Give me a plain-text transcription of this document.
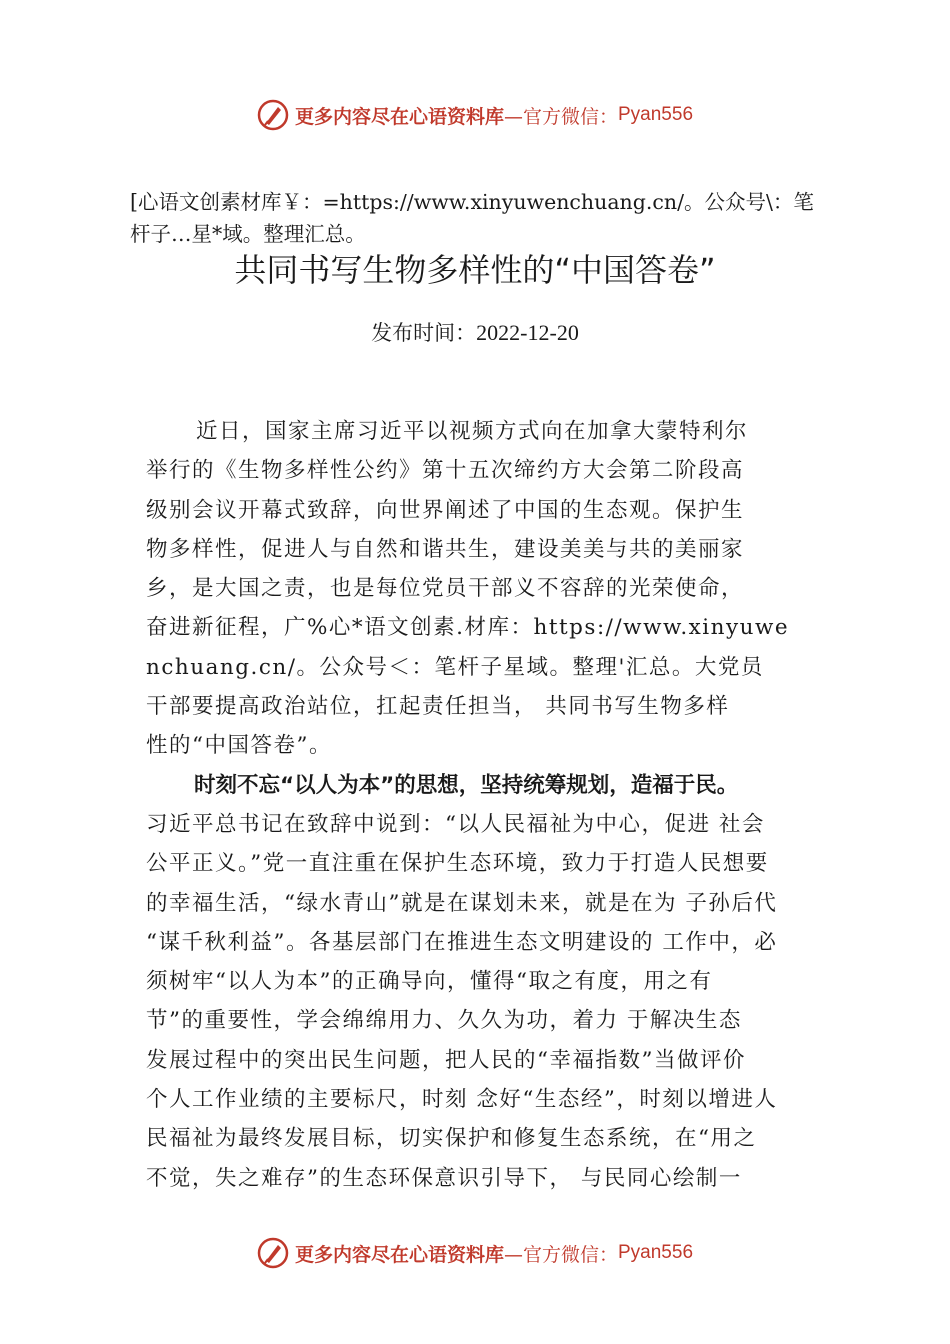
更多内容尽在心语资料库 —官方微信： Pyan556
[心语文创素材库￥：=https://www.xinyuwenchuang.cn/。公众号\：笔杆子…星*域。整理汇总。
共同书写生物多样性的“中国答卷”
发布时间：2022-12-20
近日，国家主席习近平以视频方式向在加拿大蒙特利尔
举行的《生物多样性公约》第十五次缔约方大会第二阶段高
级别会议开幕式致辞，向世界阐述了中国的生态观。保护生
物多样性，促进人与自然和谐共生，建设美美与共的美丽家
乡，是大国之责，也是每位党员干部义不容辞的光荣使命，
奋进新征程，广%心*语文创素.材库：https://www.xinyuwe
nchuang.cn/。公众号＜：笔杆子星域。整理'汇总。大党员
干部要提高政治站位，扛起责任担当， 共同书写生物多样
性的“中国答卷”。
时刻不忘“以人为本”的思想，坚持统筹规划，造福于民。
习近平总书记在致辞中说到：“以人民福祉为中心，促进 社会
公平正义。”党一直注重在保护生态环境，致力于打造人民想要
的幸福生活，“绿水青山”就是在谋划未来，就是在为 子孙后代
“谋千秋利益”。各基层部门在推进生态文明建设的 工作中，必
须树牢“以人为本”的正确导向，懂得“取之有度，用之有
节”的重要性，学会绵绵用力、久久为功，着力 于解决生态
发展过程中的突出民生问题，把人民的“幸福指数”当做评价
个人工作业绩的主要标尺，时刻 念好“生态经”，时刻以增进人
民福祉为最终发展目标，切实保护和修复生态系统，在“用之
不觉，失之难存”的生态环保意识引导下， 与民同心绘制一
更多内容尽在心语资料库 —官方微信： Pyan556
